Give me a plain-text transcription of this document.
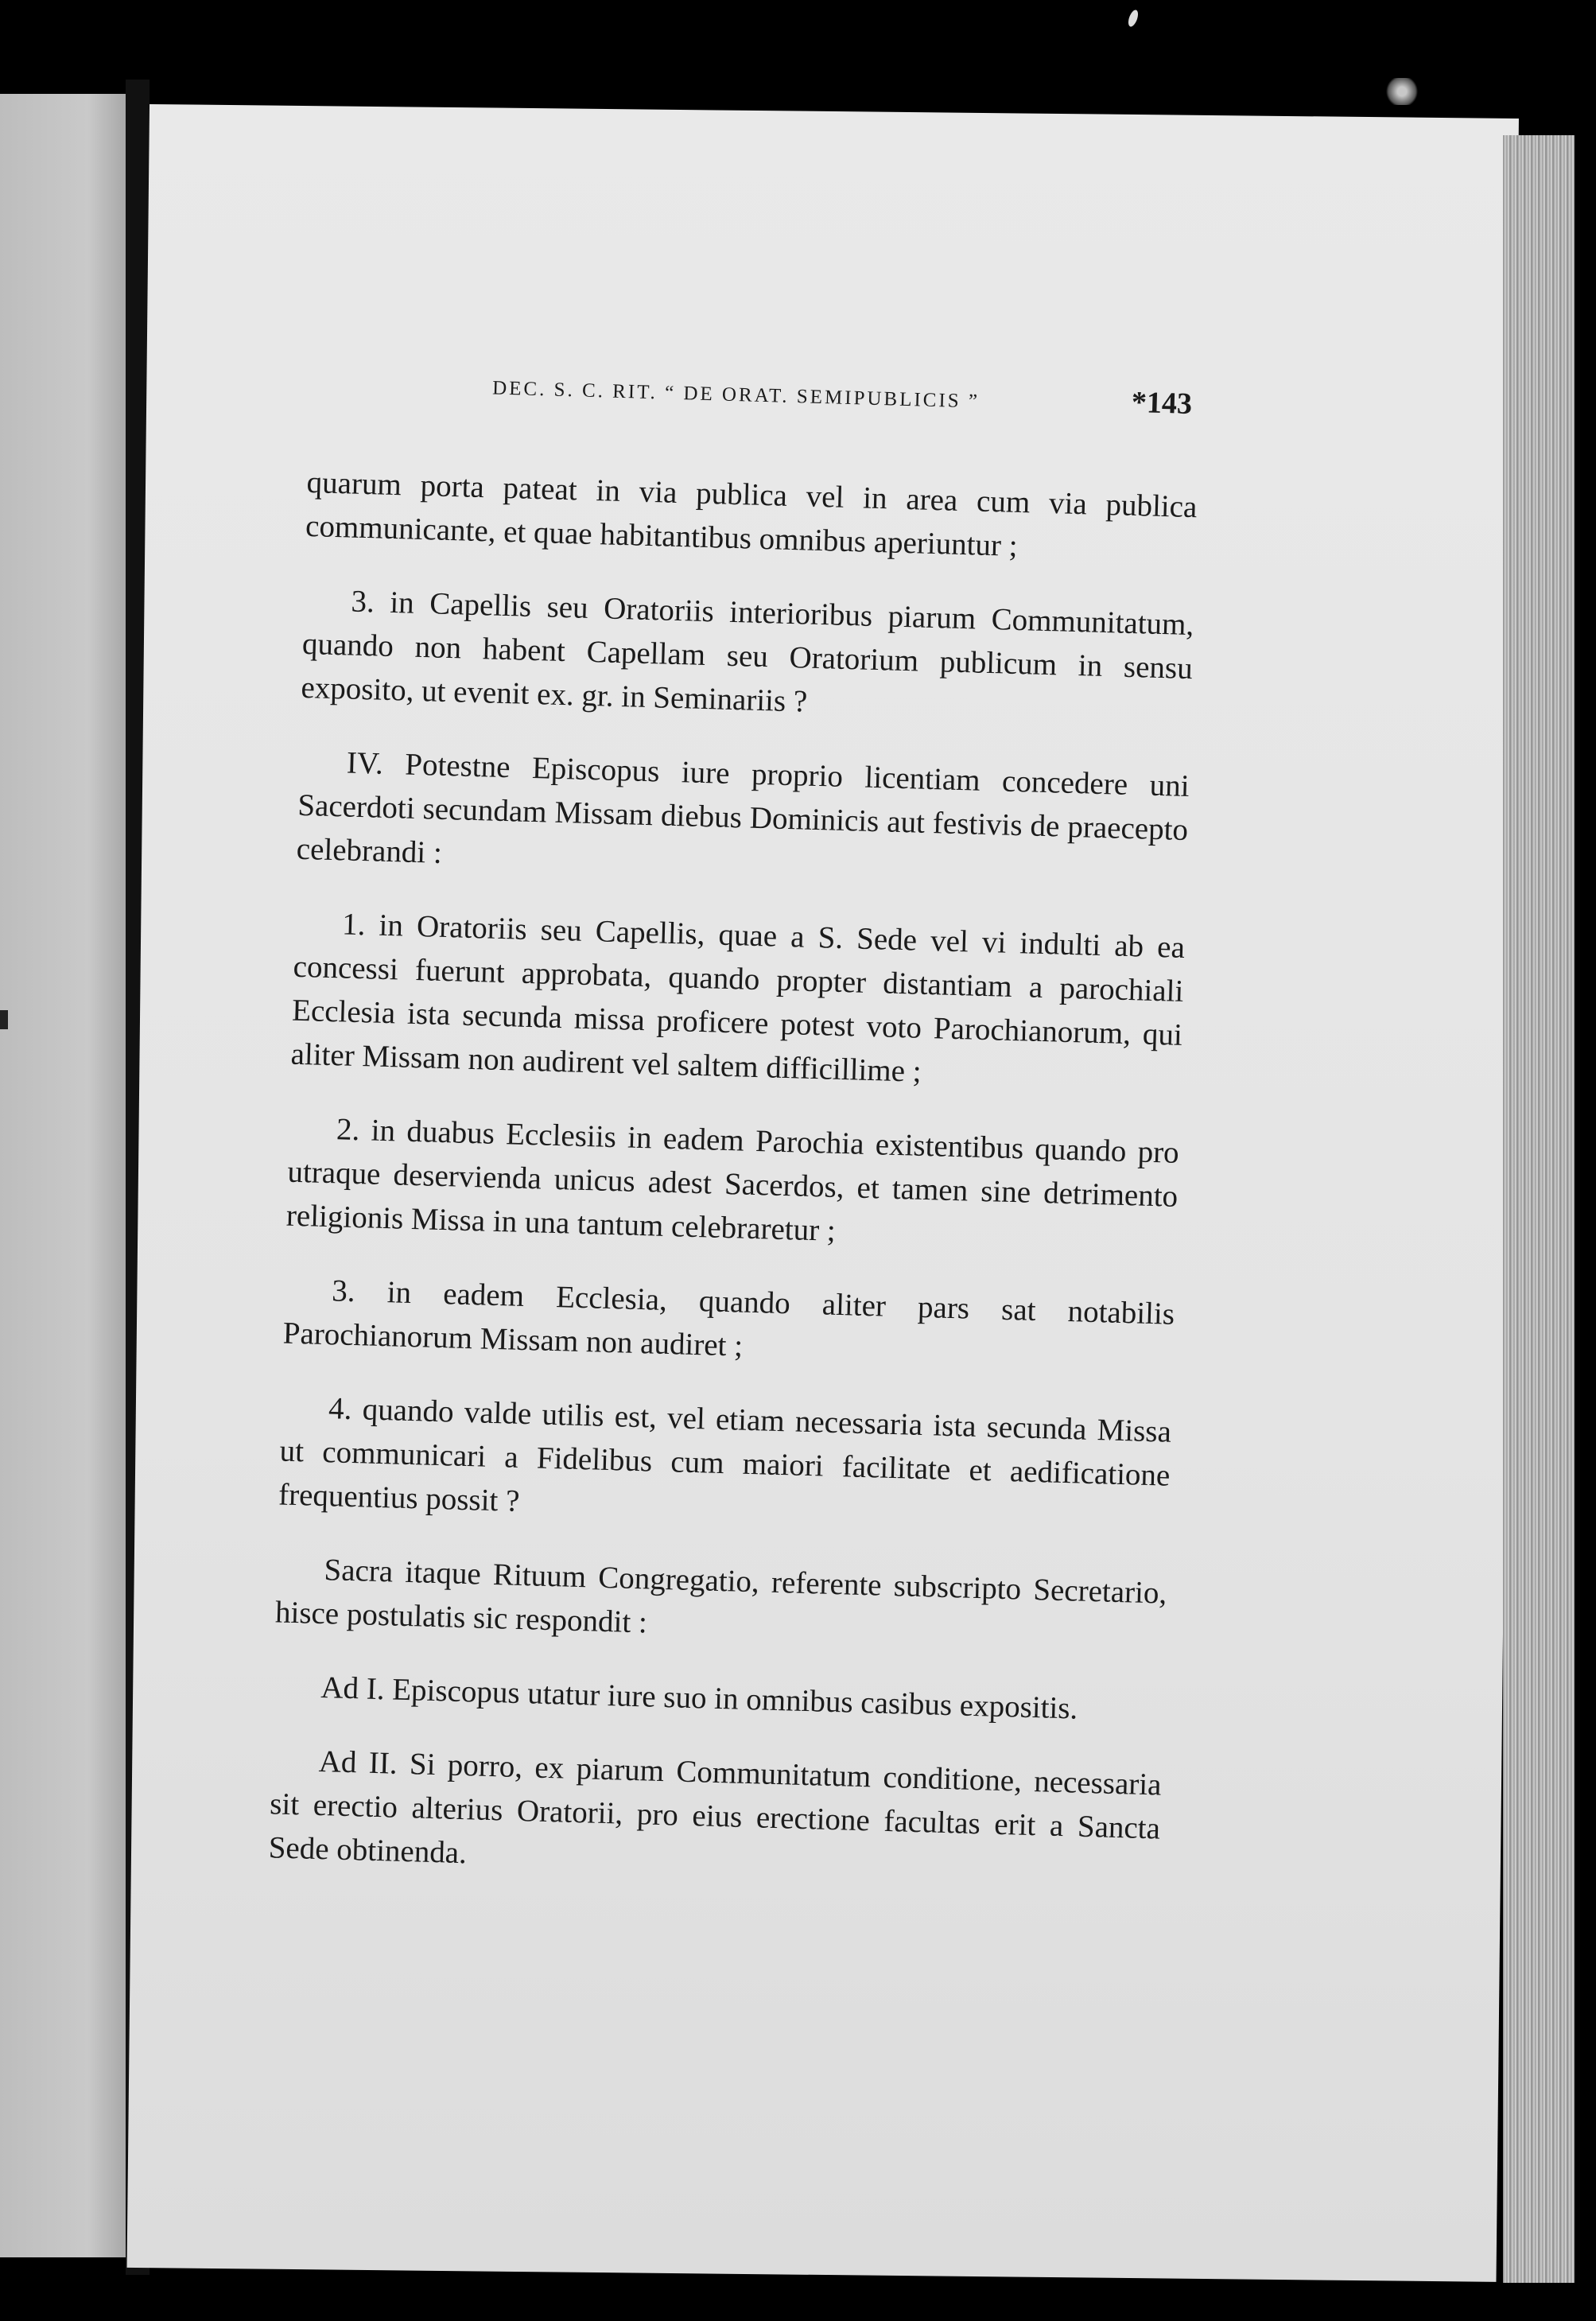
DEC. S. C. RIT. “ DE ORAT. SEMIPUBLICIS ”	*143

quarum porta pateat in via publica vel in area cum via publica communicante, et quae habitantibus omnibus aperiuntur ;

3. in Capellis seu Oratoriis interioribus piarum Communitatum, quando non habent Capellam seu Oratorium publicum in sensu exposito, ut evenit ex. gr. in Seminariis ?

IV. Potestne Episcopus iure proprio licentiam concedere uni Sacerdoti secundam Missam diebus Dominicis aut festivis de praecepto celebrandi :

1. in Oratoriis seu Capellis, quae a S. Sede vel vi indulti ab ea concessi fuerunt approbata, quando propter distantiam a parochiali Ecclesia ista secunda missa proficere potest voto Parochianorum, qui aliter Missam non audirent vel saltem difficillime ;

2. in duabus Ecclesiis in eadem Parochia existentibus quando pro utraque deservienda unicus adest Sacerdos, et tamen sine detrimento religionis Missa in una tantum celebraretur ;

3. in eadem Ecclesia, quando aliter pars sat notabilis Parochianorum Missam non audiret ;

4. quando valde utilis est, vel etiam necessaria ista secunda Missa ut communicari a Fidelibus cum maiori facilitate et aedificatione frequentius possit ?

Sacra itaque Rituum Congregatio, referente subscripto Secretario, hisce postulatis sic respondit :

Ad I. Episcopus utatur iure suo in omnibus casibus expositis.

Ad II. Si porro, ex piarum Communitatum conditione, necessaria sit erectio alterius Oratorii, pro eius erectione facultas erit a Sancta Sede obtinenda.
